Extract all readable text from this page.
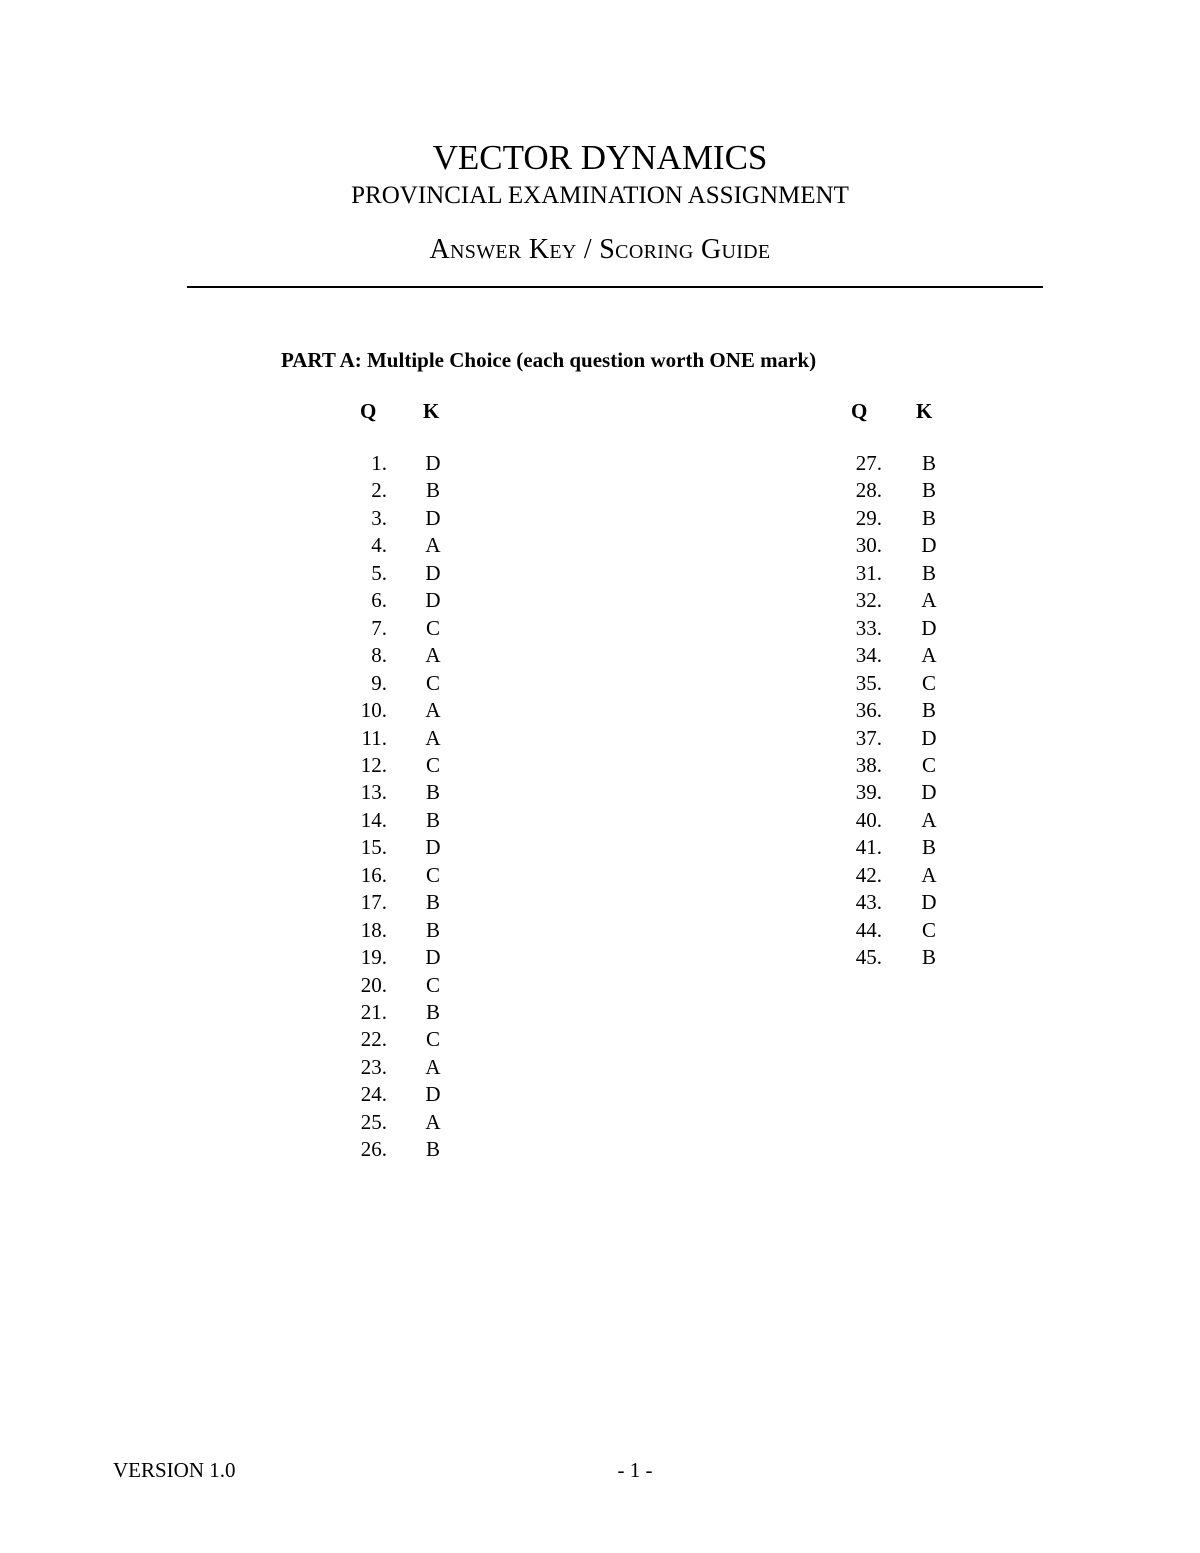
VECTOR DYNAMICS
PROVINCIAL EXAMINATION ASSIGNMENT
Answer Key / Scoring Guide
PART A: Multiple Choice (each question worth ONE mark)
Q K	Q K
1.	D
2.	B
3.	D
4.	A
5.	D
6.	D
7.	C
8.	A
9.	C
10.	A
11.	A
12.	C
13.	B
14.	B
15.	D
16.	C
17.	B
18.	B
19.	D
20.	C
21.	B
22.	C
23.	A
24.	D
25.	A
26.	B
27.	B
28.	B
29.	B
30.	D
31.	B
32.	A
33.	D
34.	A
35.	C
36.	B
37.	D
38.	C
39.	D
40.	A
41.	B
42.	A
43.	D
44.	C
45.	B
VERSION 1.0	- 1 -
